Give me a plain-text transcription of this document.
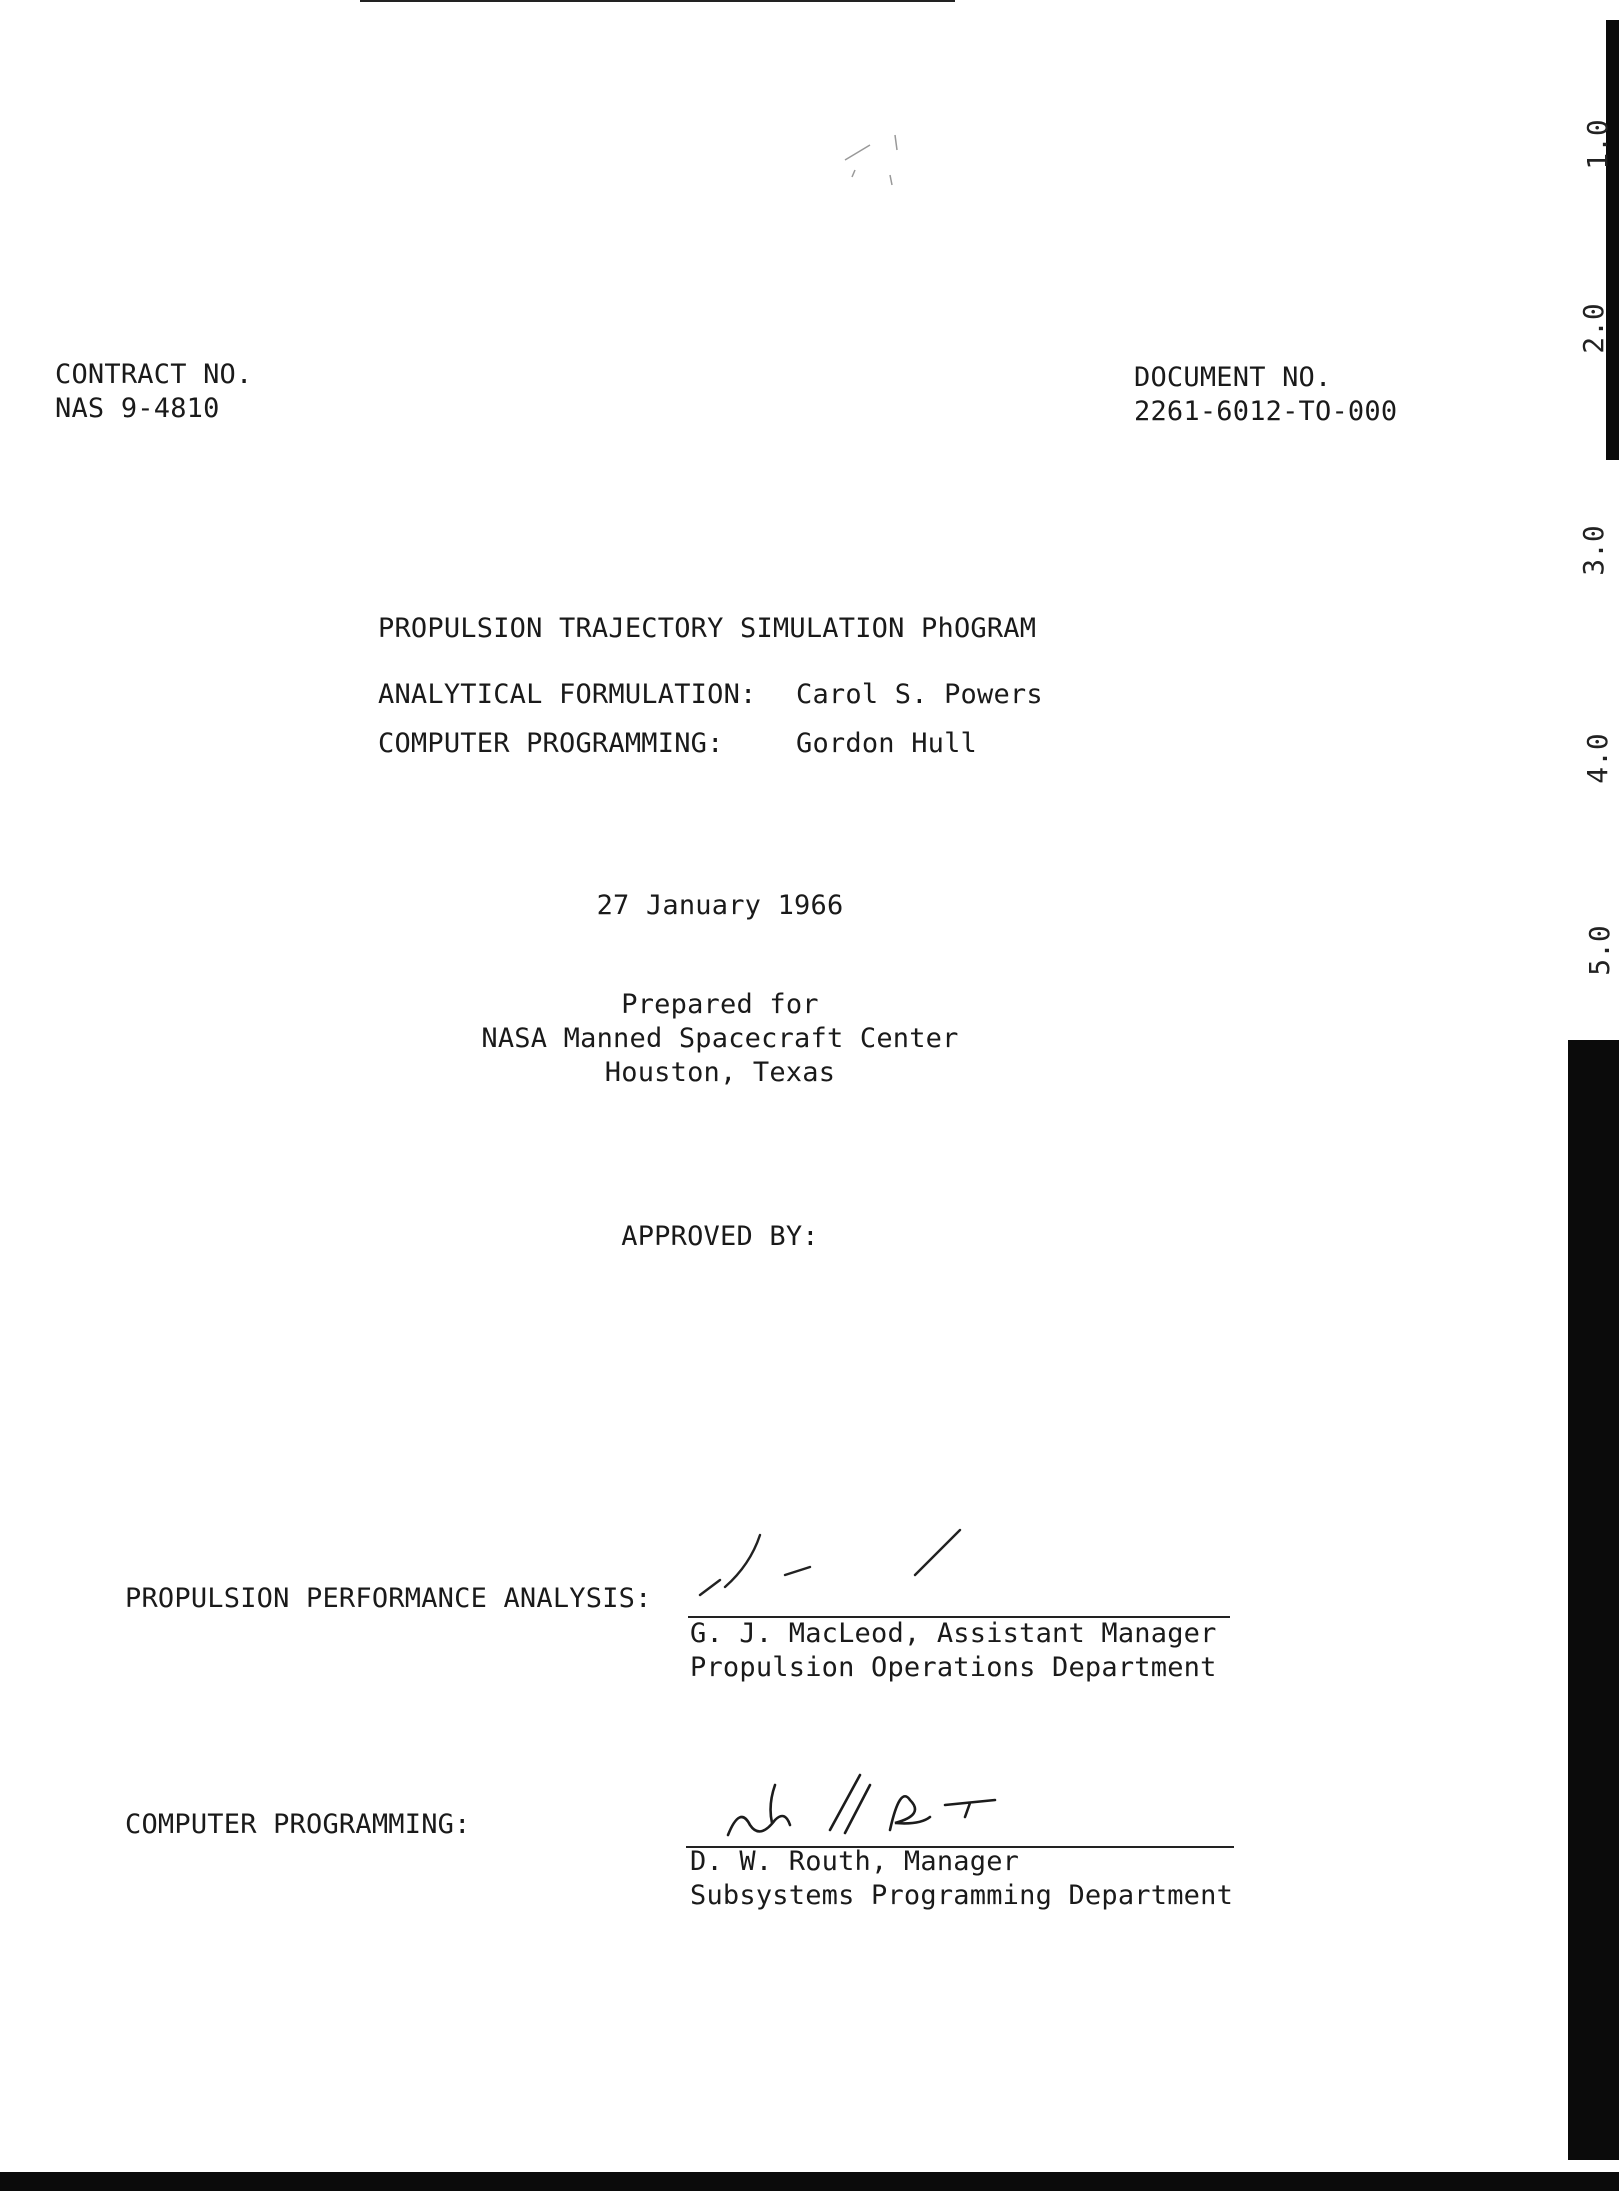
1.0
2.0
3.0
4.0
5.0
CONTRACT NO.
NAS 9-4810
DOCUMENT NO.
2261-6012-TO-000
PROPULSION TRAJECTORY SIMULATION PhOGRAM
ANALYTICAL FORMULATION: Carol S. Powers
COMPUTER PROGRAMMING:	Gordon Hull
27 January 1966
Prepared for
NASA Manned Spacecraft Center
Houston, Texas
APPROVED BY:
PROPULSION PERFORMANCE ANALYSIS:
G. J. MacLeod, Assistant Manager
Propulsion Operations Department
COMPUTER PROGRAMMING:
D. W. Routh, Manager
Subsystems Programming Department
